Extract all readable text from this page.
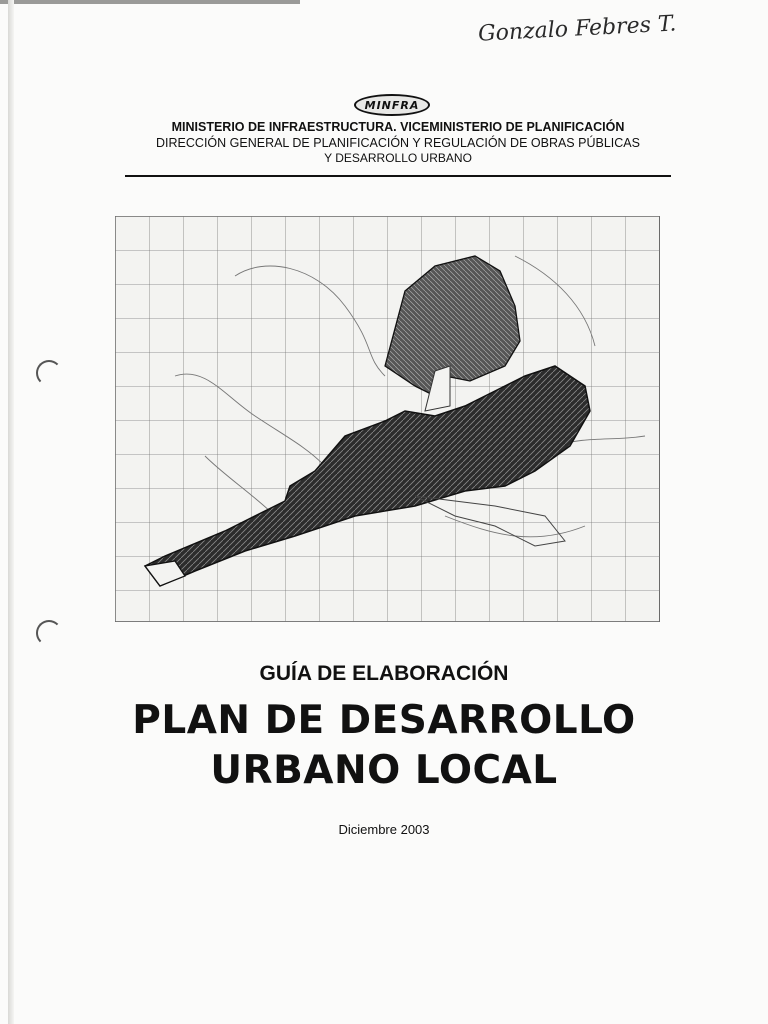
Gonzalo Febres T.
MINFRA
MINISTERIO DE INFRAESTRUCTURA. VICEMINISTERIO DE PLANIFICACIÓN
DIRECCIÓN GENERAL DE PLANIFICACIÓN Y REGULACIÓN DE OBRAS PÚBLICAS
Y DESARROLLO URBANO
GUÍA DE ELABORACIÓN
PLAN DE DESARROLLO
URBANO LOCAL
Diciembre 2003
